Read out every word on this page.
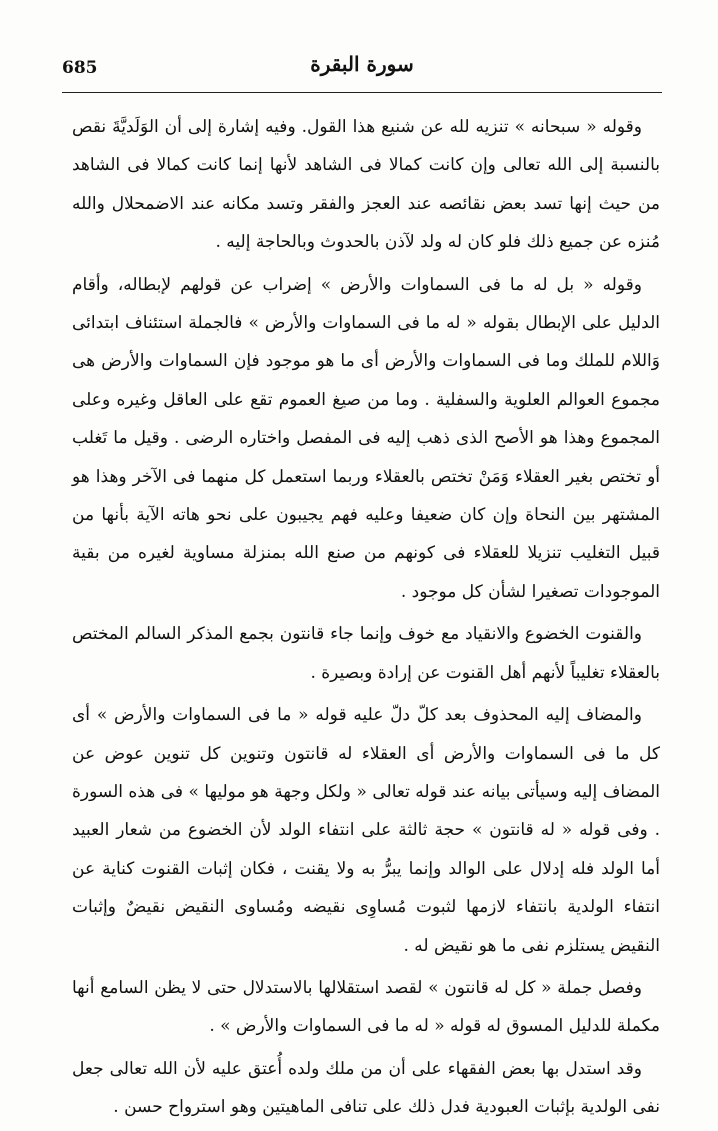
685	سورة البقرة

وقوله « سبحانه » تنزيه لله عن شنيع هذا القول. وفيه إشارة إلى أن الوَلَديَّةَ نقص بالنسبة إلى الله تعالى وإن كانت كمالا فى الشاهد لأنها إنما كانت كمالا فى الشاهد من حيث إنها تسد بعض نقائصه عند العجز والفقر وتسد مكانه عند الاضمحلال والله مُنزه عن جميع ذلك فلو كان له ولد لآذن بالحدوث وبالحاجة إليه .

وقوله « بل له ما فى السماوات والأرض » إضراب عن قولهم لإبطاله، وأقام الدليل على الإبطال بقوله « له ما فى السماوات والأرض » فالجملة استئناف ابتدائى وَاللام للملك وما فى السماوات والأرض أى ما هو موجود فإن السماوات والأرض هى مجموع العوالم العلوية والسفلية . وما من صيغ العموم تقع على العاقل وغيره وعلى المجموع وهذا هو الأصح الذى ذهب إليه فى المفصل واختاره الرضى . وقيل ما تَغلب أو تختص بغير العقلاء وَمَنْ تختص بالعقلاء وربما استعمل كل منهما فى الآخر وهذا هو المشتهر بين النحاة وإن كان ضعيفا وعليه فهم يجيبون على نحو هاته الآية بأنها من قبيل التغليب تنزيلا للعقلاء فى كونهم من صنع الله بمنزلة مساوية لغيره من بقية الموجودات تصغيرا لشأن كل موجود .

والقنوت الخضوع والانقياد مع خوف وإنما جاء قانتون بجمع المذكر السالم المختص بالعقلاء تغليباً لأنهم أهل القنوت عن إرادة وبصيرة .

والمضاف إليه المحذوف بعد كلّ دلّ عليه قوله « ما فى السماوات والأرض » أى كل ما فى السماوات والأرض أى العقلاء له قانتون وتنوين كل تنوين عوض عن المضاف إليه وسيأتى بيانه عند قوله تعالى « ولكل وجهة هو موليها » فى هذه السورة . وفى قوله « له قانتون » حجة ثالثة على انتفاء الولد لأن الخضوع من شعار العبيد أما الولد فله إدلال على الوالد وإنما يبرُّ به ولا يقنت ، فكان إثبات القنوت كناية عن انتفاء الولدية بانتفاء لازمها لثبوت مُساوِى نقيضه ومُساوى النقيض نقيضٌ وإثبات النقيض يستلزم نفى ما هو نقيض له .

وفصل جملة « كل له قانتون » لقصد استقلالها بالاستدلال حتى لا يظن السامع أنها مكملة للدليل المسوق له قوله « له ما فى السماوات والأرض » .

وقد استدل بها بعض الفقهاء على أن من ملك ولده أُعتق عليه لأن الله تعالى جعل نفى الولدية بإثبات العبودية فدل ذلك على تنافى الماهيتين وهو استرواح حسن .
